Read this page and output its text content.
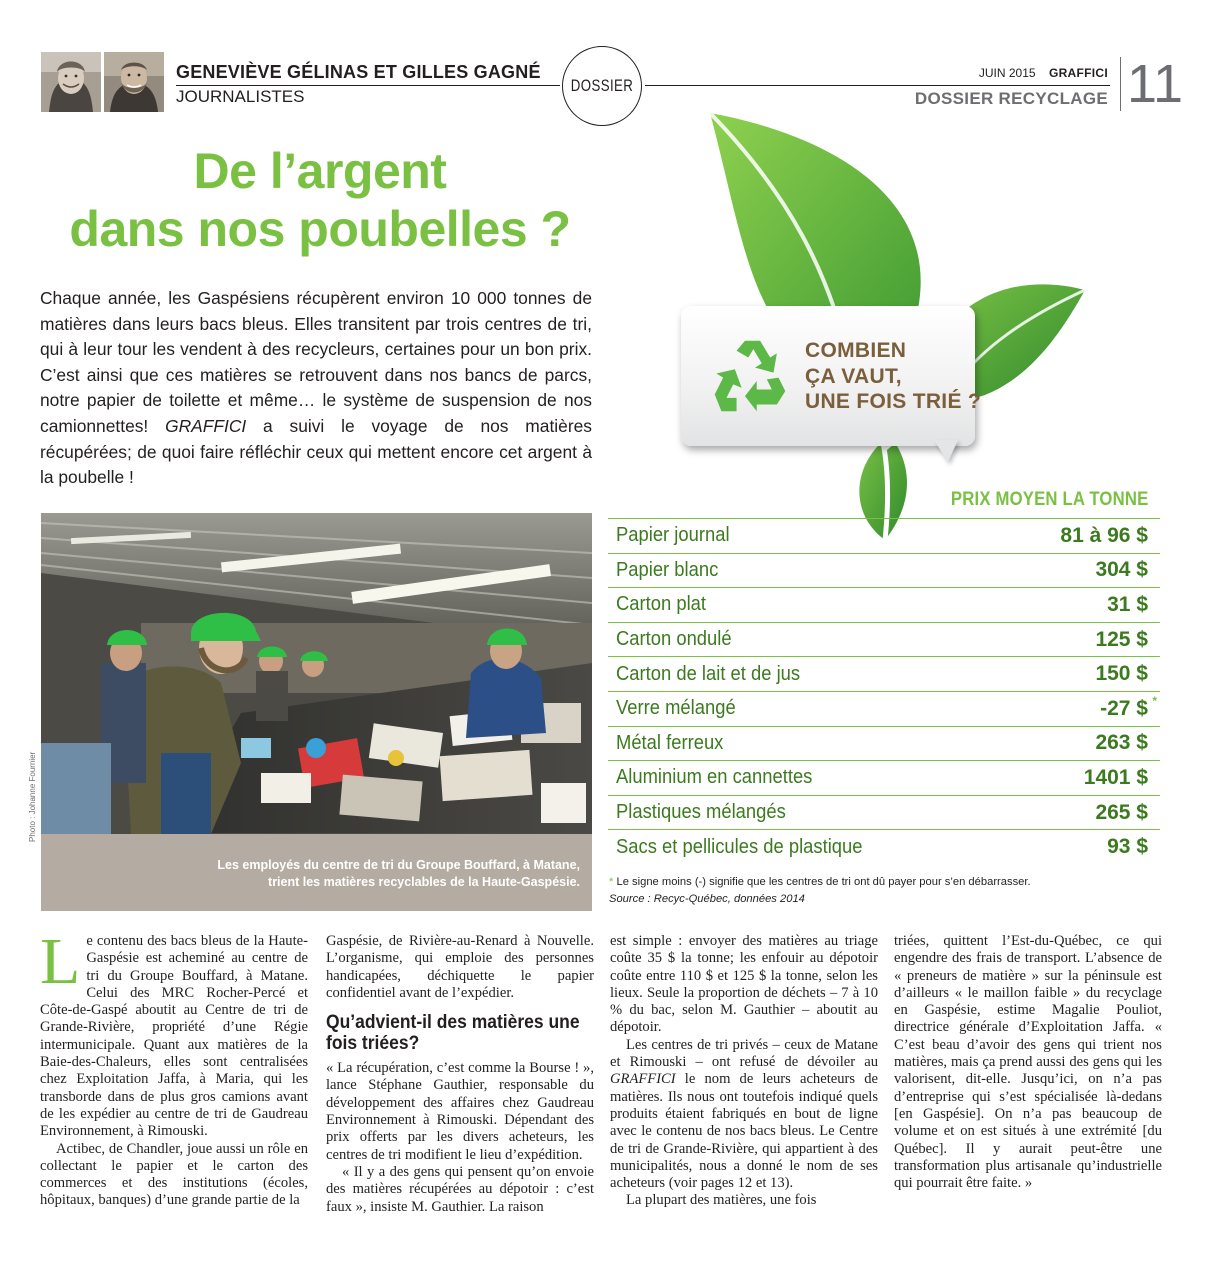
GENEVIÈVE GÉLINAS ET GILLES GAGNÉ
JOURNALISTES
DOSSIER
JUIN 2015 GRAFFICI
DOSSIER RECYCLAGE 11
De l’argent
dans nos poubelles ?

Chaque année, les Gaspésiens récupèrent environ 10 000 tonnes de matières dans leurs bacs bleus. Elles transitent par trois centres de tri, qui à leur tour les vendent à des recycleurs, certaines pour un bon prix. C’est ainsi que ces matières se retrouvent dans nos bancs de parcs, notre papier de toilette et même… le système de suspension de nos camionnettes! GRAFFICI a suivi le voyage de nos matières récupérées; de quoi faire réfléchir ceux qui mettent encore cet argent à la poubelle !

COMBIEN
ÇA VAUT,
UNE FOIS TRIÉ ?
PRIX MOYEN LA TONNE
Papier journal	81 à 96 $
Papier blanc	304 $
Carton plat	31 $
Carton ondulé	125 $
Carton de lait et de jus	150 $
Verre mélangé	-27 $ *
Métal ferreux	263 $
Aluminium en cannettes	1401 $
Plastiques mélangés	265 $
Sacs et pellicules de plastique	93 $
* Le signe moins (-) signifie que les centres de tri ont dû payer pour s’en débarrasser.
Source : Recyc-Québec, données 2014
Les employés du centre de tri du Groupe Bouffard, à Matane,
trient les matières recyclables de la Haute-Gaspésie.
Photo : Johanne Fournier

Le contenu des bacs bleus de la Haute-Gaspésie est acheminé au centre de tri du Groupe Bouffard, à Matane. Celui des MRC Rocher-Percé et Côte-de-Gaspé aboutit au Centre de tri de Grande-Rivière, propriété d’une Régie intermunicipale. Quant aux matières de la Baie-des-Chaleurs, elles sont centralisées chez Exploitation Jaffa, à Maria, qui les transborde dans de plus gros camions avant de les expédier au centre de tri de Gaudreau Environnement, à Rimouski.

Actibec, de Chandler, joue aussi un rôle en collectant le papier et le carton des commerces et des institutions (écoles, hôpitaux, banques) d’une grande partie de la

Gaspésie, de Rivière-au-Renard à Nouvelle. L’organisme, qui emploie des personnes handicapées, déchiquette le papier confidentiel avant de l’expédier.

Qu’advient-il des matières une fois triées?

« La récupération, c’est comme la Bourse ! », lance Stéphane Gauthier, responsable du développement des affaires chez Gaudreau Environnement à Rimouski. Dépendant des prix offerts par les divers acheteurs, les centres de tri modifient le lieu d’expédition.

« Il y a des gens qui pensent qu’on envoie des matières récupérées au dépotoir : c’est faux », insiste M. Gauthier. La raison

est simple : envoyer des matières au triage coûte 35 $ la tonne; les enfouir au dépotoir coûte entre 110 $ et 125 $ la tonne, selon les lieux. Seule la proportion de déchets – 7 à 10 % du bac, selon M. Gauthier – aboutit au dépotoir.

Les centres de tri privés – ceux de Matane et Rimouski – ont refusé de dévoiler au GRAFFICI le nom de leurs acheteurs de matières. Ils nous ont toutefois indiqué quels produits étaient fabriqués en bout de ligne avec le contenu de nos bacs bleus. Le Centre de tri de Grande-Rivière, qui appartient à des municipalités, nous a donné le nom de ses acheteurs (voir pages 12 et 13).

La plupart des matières, une fois

triées, quittent l’Est-du-Québec, ce qui engendre des frais de transport. L’absence de « preneurs de matière » sur la péninsule est d’ailleurs « le maillon faible » du recyclage en Gaspésie, estime Magalie Pouliot, directrice générale d’Exploitation Jaffa. « C’est beau d’avoir des gens qui trient nos matières, mais ça prend aussi des gens qui les valorisent, dit-elle. Jusqu’ici, on n’a pas d’entreprise qui s’est spécialisée là-dedans [en Gaspésie]. On n’a pas beaucoup de volume et on est situés à une extrémité [du Québec]. Il y aurait peut-être une transformation plus artisanale qu’industrielle qui pourrait être faite. »
